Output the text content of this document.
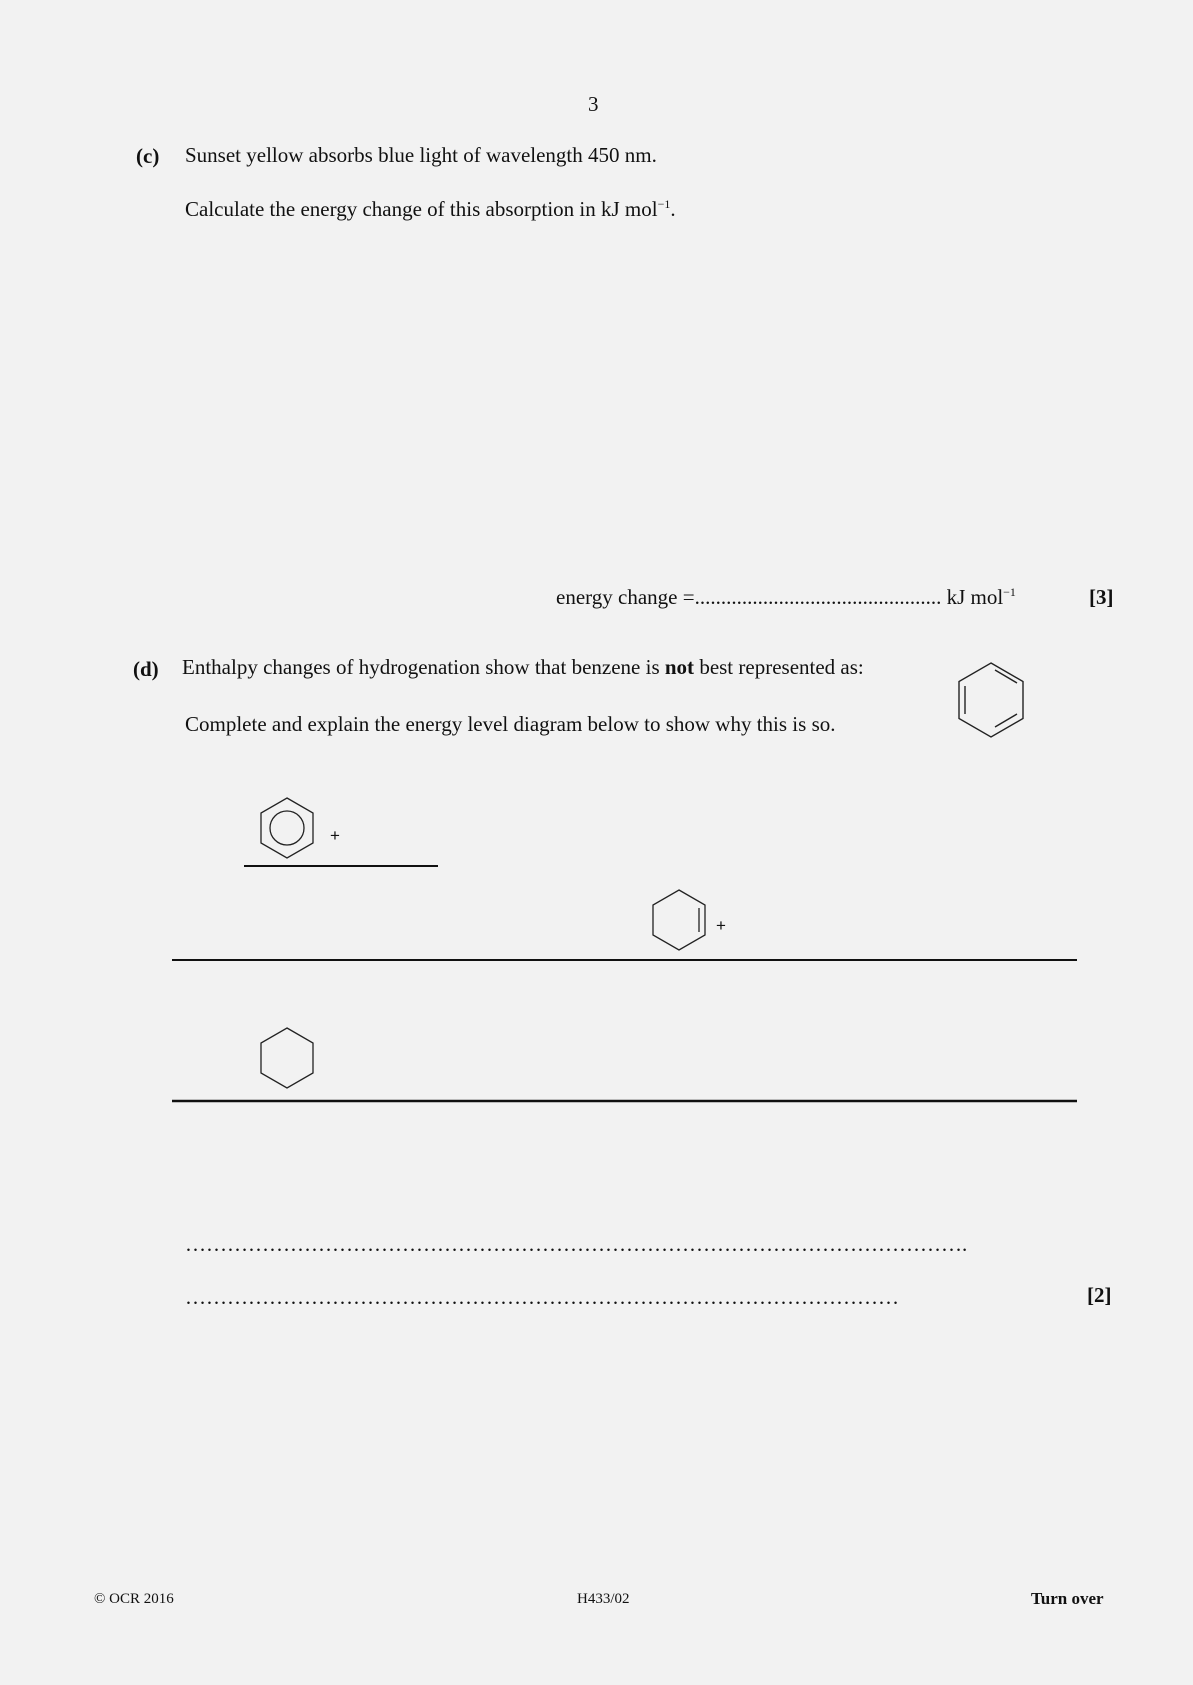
3
(c) Sunset yellow absorbs blue light of wavelength 450 nm.
Calculate the energy change of this absorption in kJ mol$^{-1}$.
energy change =............................................... kJ mol$^{-1}$	[3]
(d) Enthalpy changes of hydrogenation show that benzene is not best represented as:
Complete and explain the energy level diagram below to show why this is so.
+
+
………………………………………………………………………………………………….
…………………………………………………………………………………………	[2]
© OCR 2016	H433/02	Turn over
